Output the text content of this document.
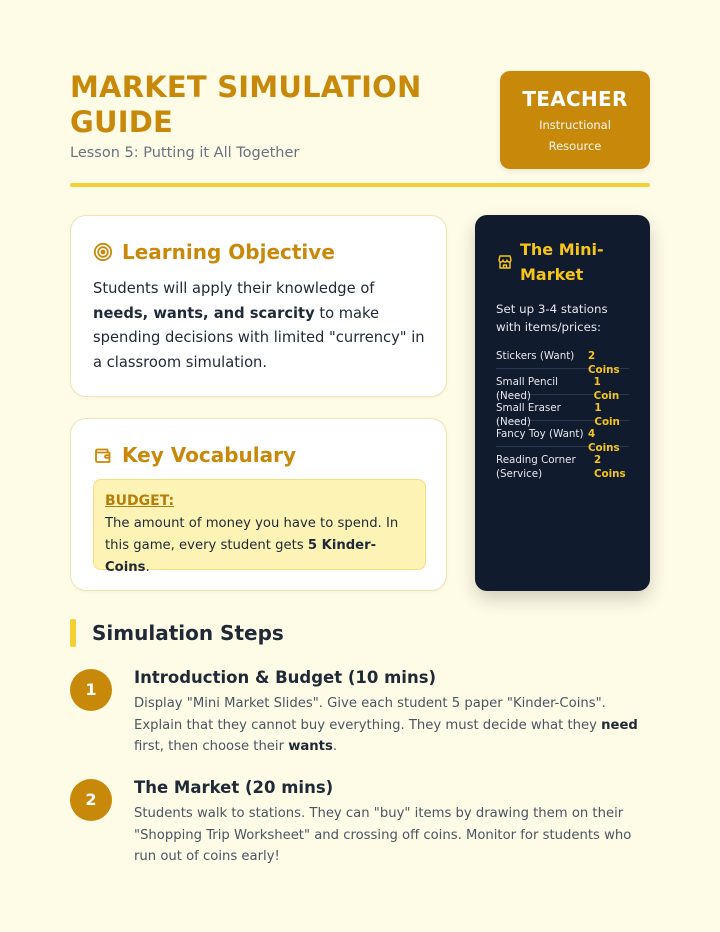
MARKET SIMULATION GUIDE
Lesson 5: Putting it All Together
TEACHER
Instructional Resource
Learning Objective
Students will apply their knowledge of needs, wants, and scarcity to make spending decisions with limited "currency" in a classroom simulation.
Key Vocabulary
BUDGET:
The amount of money you have to spend. In this game, every student gets 5 Kinder-Coins.
The Mini-Market
Set up 3-4 stations with items/prices:
Stickers (Want)	2 Coins
Small Pencil (Need)
1 Coin
Small Eraser (Need)
1 Coin
Fancy Toy (Want) 4 Coins
Reading Corner (Service)
2 Coins
Simulation Steps
1
Introduction & Budget (10 mins)
Display "Mini Market Slides". Give each student 5 paper "Kinder-Coins". Explain that they cannot buy everything. They must decide what they need first, then choose their wants.
2
The Market (20 mins)
Students walk to stations. They can "buy" items by drawing them on their "Shopping Trip Worksheet" and crossing off coins. Monitor for students who run out of coins early!
